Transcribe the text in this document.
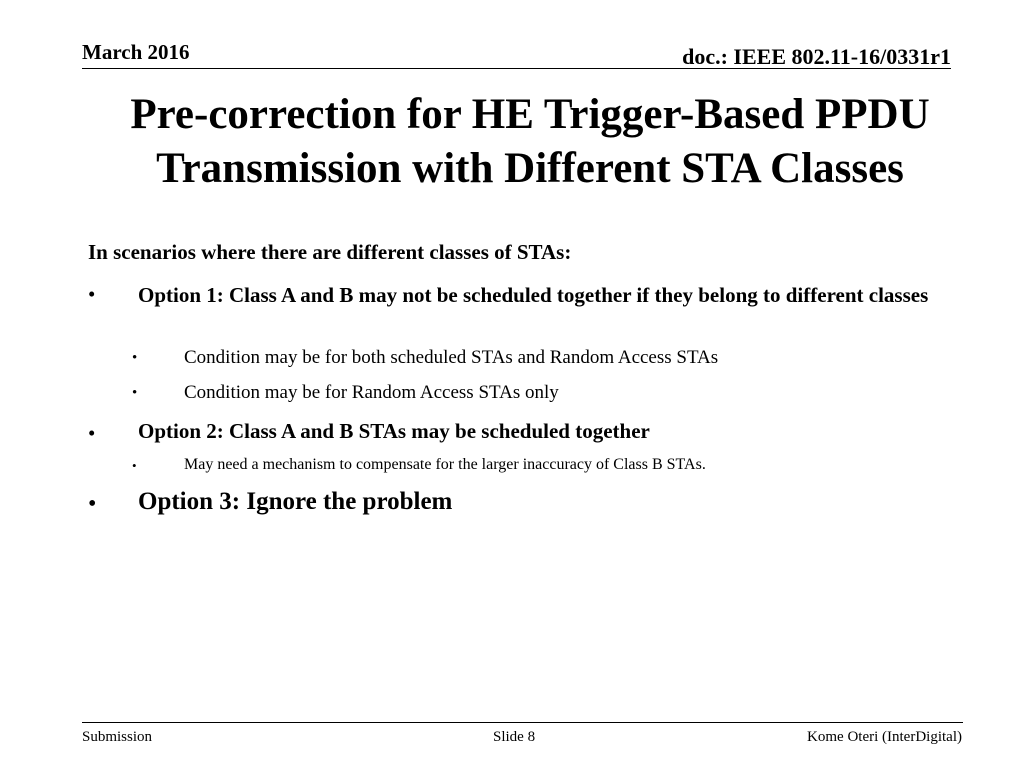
March 2016	doc.: IEEE 802.11-16/0331r1
Pre-correction for HE Trigger-Based PPDU Transmission with Different STA Classes
In scenarios where there are different classes of STAs:
• Option 1: Class A and B may not be scheduled together if they belong to different classes
• Condition may be for both scheduled STAs and Random Access STAs
• Condition may be for Random Access STAs only
• Option 2: Class A and B STAs may be scheduled together
•	May need a mechanism to compensate for the larger inaccuracy of Class B STAs.
• Option 3: Ignore the problem
Submission	Slide 8	Kome Oteri (InterDigital)
